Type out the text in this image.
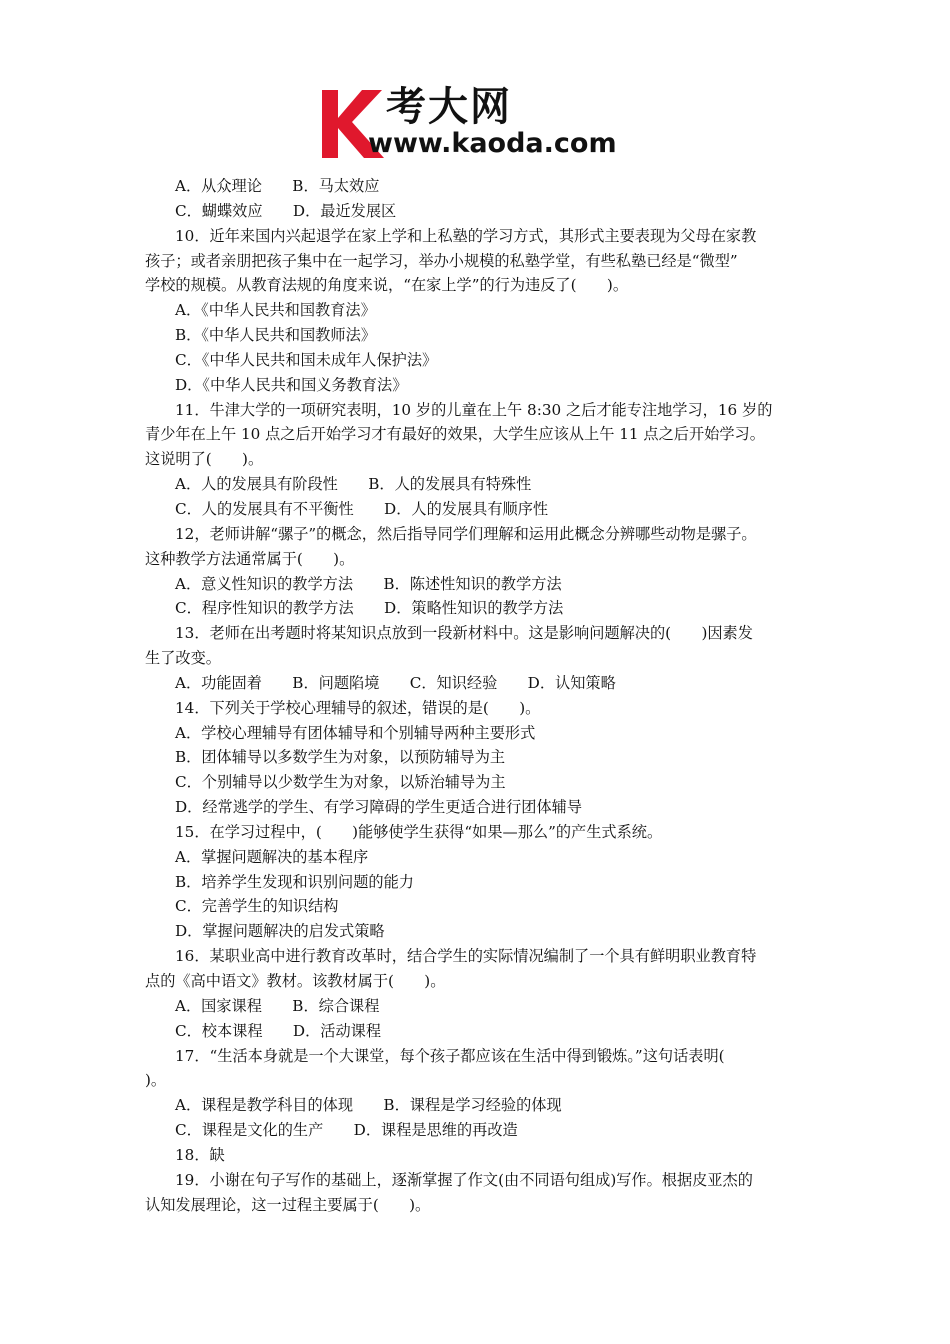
考大网
www.kaoda.com
A．从众理论　　B．马太效应
C．蝴蝶效应　　D．最近发展区
10．近年来国内兴起退学在家上学和上私塾的学习方式，其形式主要表现为父母在家教
孩子；或者亲朋把孩子集中在一起学习，举办小规模的私塾学堂，有些私塾已经是“微型”
学校的规模。从教育法规的角度来说，“在家上学”的行为违反了(　　)。
A．《中华人民共和国教育法》
B．《中华人民共和国教师法》
C．《中华人民共和国未成年人保护法》
D．《中华人民共和国义务教育法》
11．牛津大学的一项研究表明，10 岁的儿童在上午 8:30 之后才能专注地学习，16 岁的
青少年在上午 10 点之后开始学习才有最好的效果，大学生应该从上午 11 点之后开始学习。
这说明了(　　)。
A．人的发展具有阶段性　　B．人的发展具有特殊性
C．人的发展具有不平衡性　　D．人的发展具有顺序性
12，老师讲解“骡子”的概念，然后指导同学们理解和运用此概念分辨哪些动物是骡子。
这种教学方法通常属于(　　)。
A．意义性知识的教学方法　　B．陈述性知识的教学方法
C．程序性知识的教学方法　　D．策略性知识的教学方法
13．老师在出考题时将某知识点放到一段新材料中。这是影响问题解决的(　　)因素发
生了改变。
A．功能固着　　B．问题陷境　　C．知识经验　　D．认知策略
14．下列关于学校心理辅导的叙述，错误的是(　　)。
A．学校心理辅导有团体辅导和个别辅导两种主要形式
B．团体辅导以多数学生为对象，以预防辅导为主
C．个别辅导以少数学生为对象，以矫治辅导为主
D．经常逃学的学生、有学习障碍的学生更适合进行团体辅导
15．在学习过程中，(　　)能够使学生获得“如果—那么”的产生式系统。
A．掌握问题解决的基本程序
B．培养学生发现和识别问题的能力
C．完善学生的知识结构
D．掌握问题解决的启发式策略
16．某职业高中进行教育改革时，结合学生的实际情况编制了一个具有鲜明职业教育特
点的《高中语文》教材。该教材属于(　　)。
A．国家课程　　B．综合课程
C．校本课程　　D．活动课程
17．“生活本身就是一个大课堂，每个孩子都应该在生活中得到锻炼。”这句话表明(
)。
A．课程是教学科目的体现　　B．课程是学习经验的体现
C．课程是文化的生产　　D．课程是思维的再改造
18．缺
19．小谢在句子写作的基础上，逐渐掌握了作文(由不同语句组成)写作。根据皮亚杰的
认知发展理论，这一过程主要属于(　　)。
